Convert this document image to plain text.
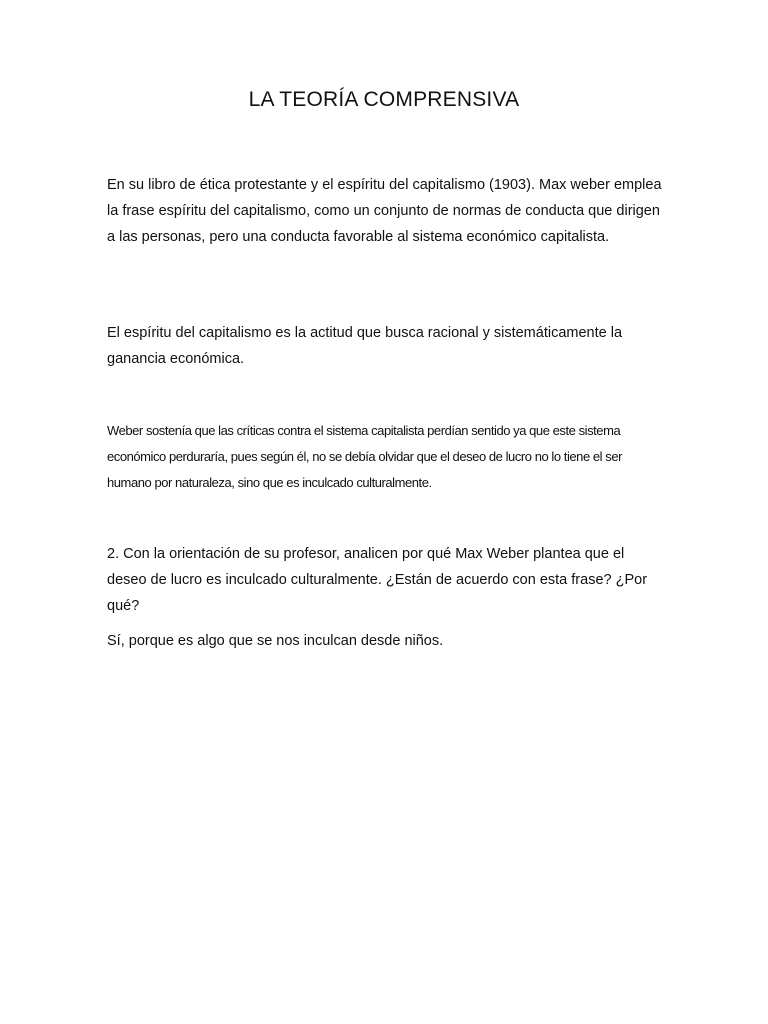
LA TEORÍA COMPRENSIVA

En su libro de ética protestante y el espíritu del capitalismo (1903). Max weber emplea la frase espíritu del capitalismo, como un conjunto de normas de conducta que dirigen a las personas, pero una conducta favorable al sistema económico capitalista.

El espíritu del capitalismo es la actitud que busca racional y sistemáticamente la ganancia económica.

Weber sostenía que las críticas contra el sistema capitalista perdían sentido ya que este sistema económico perduraría, pues según él, no se debía olvidar que el deseo de lucro no lo tiene el ser humano por naturaleza, sino que es inculcado culturalmente.

2. Con la orientación de su profesor, analicen por qué Max Weber plantea que el deseo de lucro es inculcado culturalmente. ¿Están de acuerdo con esta frase? ¿Por qué?

Sí, porque es algo que se nos inculcan desde niños.
